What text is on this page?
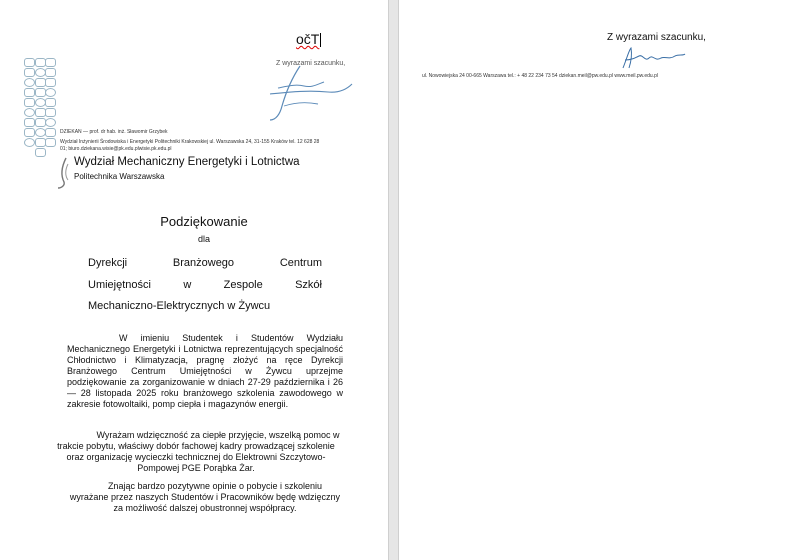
očT
Z wyrazami szacunku,
DZIEKAN — prof. dr hab. inż. Sławomir Grzybek
Wydział Inżynierii Środowiska i Energetyki Politechniki Krakowskiej ul. Warszawska 24, 31-155 Kraków tel. 12 628 28
01; biuro.dziekana.wisie@pk.edu.plwisie.pk.edu.pl
Wydział Mechaniczny Energetyki i Lotnictwa
Politechnika Warszawska
Podziękowanie
dla
Dyrekcji	Branżowego	Centrum
Umiejętności	w	Zespole	Szkół
Mechaniczno-Elektrycznych w Żywcu
W imieniu Studentek i Studentów Wydziału Mechanicznego Energetyki i Lotnictwa reprezentujących specjalność Chłodnictwo i Klimatyzacja, pragnę złożyć na ręce Dyrekcji Branżowego Centrum Umiejętności w Żywcu uprzejme podziękowanie za zorganizowanie w dniach 27-29 października i 26 — 28 listopada 2025 roku branżowego szkolenia zawodowego w zakresie fotowoltaiki, pomp ciepła i magazynów energii.
Wyrażam wdzięczność za ciepłe przyjęcie, wszelką pomoc w trakcie pobytu, właściwy dobór fachowej kadry prowadzącej szkolenie oraz organizację wycieczki technicznej do Elektrowni Szczytowo-Pompowej PGE Porąbka Żar.
Znając bardzo pozytywne opinie o pobycie i szkoleniu wyrażane przez naszych Studentów i Pracowników będę wdzięczny za możliwość dalszej obustronnej współpracy.
Z wyrazami szacunku,
ul. Nowowiejska 24 00-665 Warszawa tel.: + 48 22 234 73 54 dziekan.meil@pw.edu.pl www.meil.pw.edu.pl
